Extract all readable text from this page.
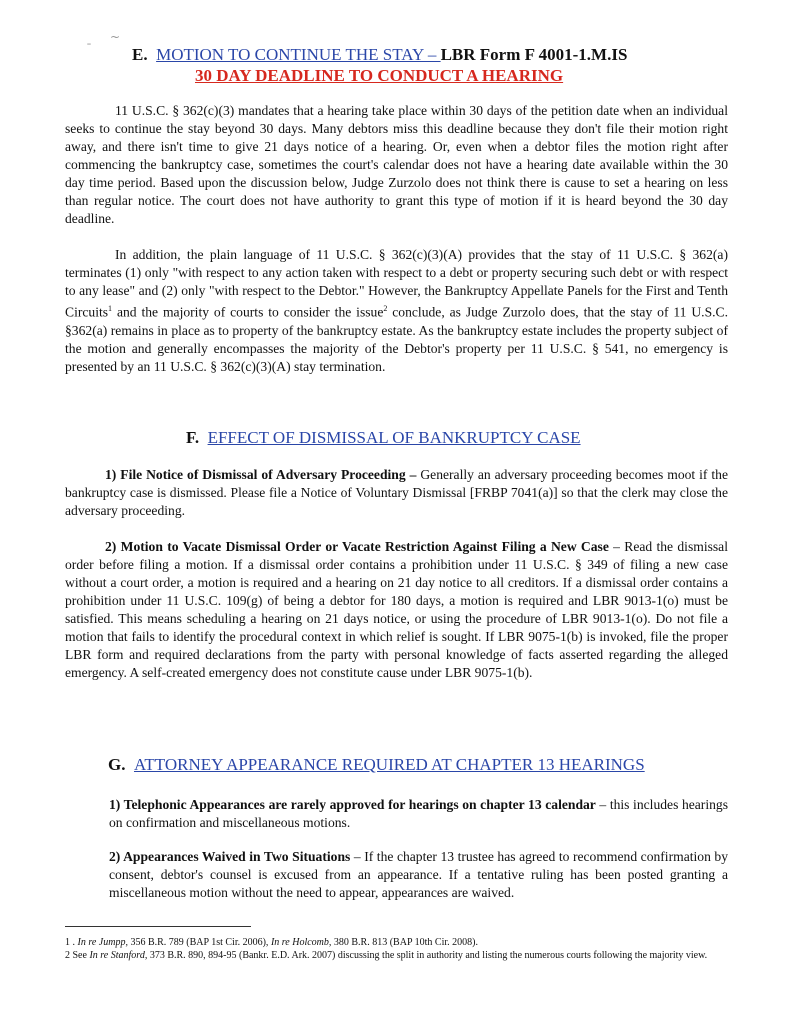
¯
~
E. MOTION TO CONTINUE THE STAY – LBR Form F 4001-1.M.IS
30 DAY DEADLINE TO CONDUCT A HEARING

11 U.S.C. § 362(c)(3) mandates that a hearing take place within 30 days of the petition date when an individual seeks to continue the stay beyond 30 days. Many debtors miss this deadline because they don't file their motion right away, and there isn't time to give 21 days notice of a hearing. Or, even when a debtor files the motion right after commencing the bankruptcy case, sometimes the court's calendar does not have a hearing date available within the 30 day time period. Based upon the discussion below, Judge Zurzolo does not think there is cause to set a hearing on less than regular notice. The court does not have authority to grant this type of motion if it is heard beyond the 30 day deadline.

In addition, the plain language of 11 U.S.C. § 362(c)(3)(A) provides that the stay of 11 U.S.C. § 362(a) terminates (1) only "with respect to any action taken with respect to a debt or property securing such debt or with respect to any lease" and (2) only "with respect to the Debtor." However, the Bankruptcy Appellate Panels for the First and Tenth Circuits$^1$ and the majority of courts to consider the issue$^2$ conclude, as Judge Zurzolo does, that the stay of 11 U.S.C. §362(a) remains in place as to property of the bankruptcy estate. As the bankruptcy estate includes the property subject of the motion and generally encompasses the majority of the Debtor's property per 11 U.S.C. § 541, no emergency is presented by an 11 U.S.C. § 362(c)(3)(A) stay termination.

F. EFFECT OF DISMISSAL OF BANKRUPTCY CASE

1) File Notice of Dismissal of Adversary Proceeding – Generally an adversary proceeding becomes moot if the bankruptcy case is dismissed. Please file a Notice of Voluntary Dismissal [FRBP 7041(a)] so that the clerk may close the adversary proceeding.

2) Motion to Vacate Dismissal Order or Vacate Restriction Against Filing a New Case – Read the dismissal order before filing a motion. If a dismissal order contains a prohibition under 11 U.S.C. § 349 of filing a new case without a court order, a motion is required and a hearing on 21 day notice to all creditors. If a dismissal order contains a prohibition under 11 U.S.C. 109(g) of being a debtor for 180 days, a motion is required and LBR 9013-1(o) must be satisfied. This means scheduling a hearing on 21 days notice, or using the procedure of LBR 9013-1(o). Do not file a motion that fails to identify the procedural context in which relief is sought. If LBR 9075-1(b) is invoked, file the proper LBR form and required declarations from the party with personal knowledge of facts asserted regarding the alleged emergency. A self-created emergency does not constitute cause under LBR 9075-1(b).

G. ATTORNEY APPEARANCE REQUIRED AT CHAPTER 13 HEARINGS

1) Telephonic Appearances are rarely approved for hearings on chapter 13 calendar – this includes hearings on confirmation and miscellaneous motions.

2) Appearances Waived in Two Situations – If the chapter 13 trustee has agreed to recommend confirmation by consent, debtor's counsel is excused from an appearance. If a tentative ruling has been posted granting a miscellaneous motion without the need to appear, appearances are waived.

1 . In re Jumpp, 356 B.R. 789 (BAP 1st Cir. 2006), In re Holcomb, 380 B.R. 813 (BAP 10th Cir. 2008).
2 See In re Stanford, 373 B.R. 890, 894-95 (Bankr. E.D. Ark. 2007) discussing the split in authority and listing the numerous courts following the majority view.
